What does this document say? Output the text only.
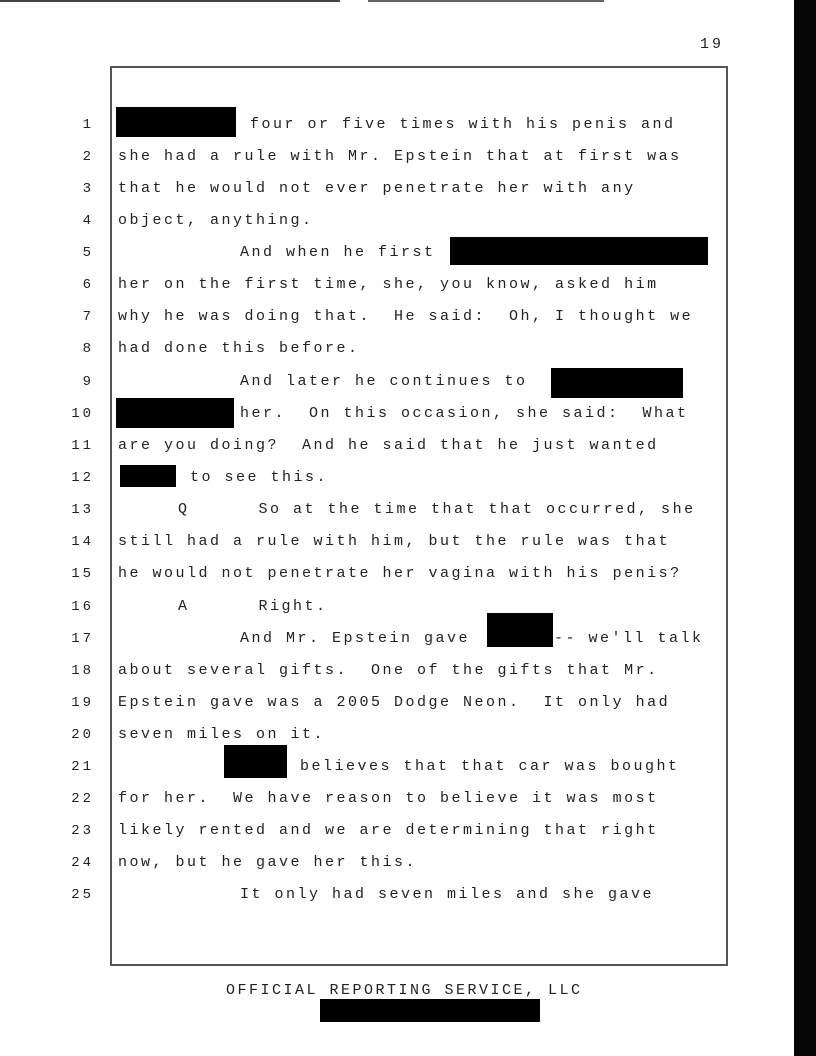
19
1	four or five times with his penis and
2 she had a rule with Mr. Epstein that at first was
3 that he would not ever penetrate her with any
4 object, anything.
5	And when he first
6 her on the first time, she, you know, asked him
7 why he was doing that.  He said:  Oh, I thought we
8 had done this before.
9	And later he continues to
10	her.  On this occasion, she said:  What
11 are you doing?  And he said that he just wanted
12	to see this.
13	Q      So at the time that that occurred, she
14 still had a rule with him, but the rule was that
15 he would not penetrate her vagina with his penis?
16	A      Right.
17	And Mr. Epstein gave	-- we'll talk
18 about several gifts.  One of the gifts that Mr.
19 Epstein gave was a 2005 Dodge Neon.  It only had
20 seven miles on it.
21	believes that that car was bought
22 for her.  We have reason to believe it was most
23 likely rented and we are determining that right
24 now, but he gave her this.
25	It only had seven miles and she gave
OFFICIAL REPORTING SERVICE, LLC
